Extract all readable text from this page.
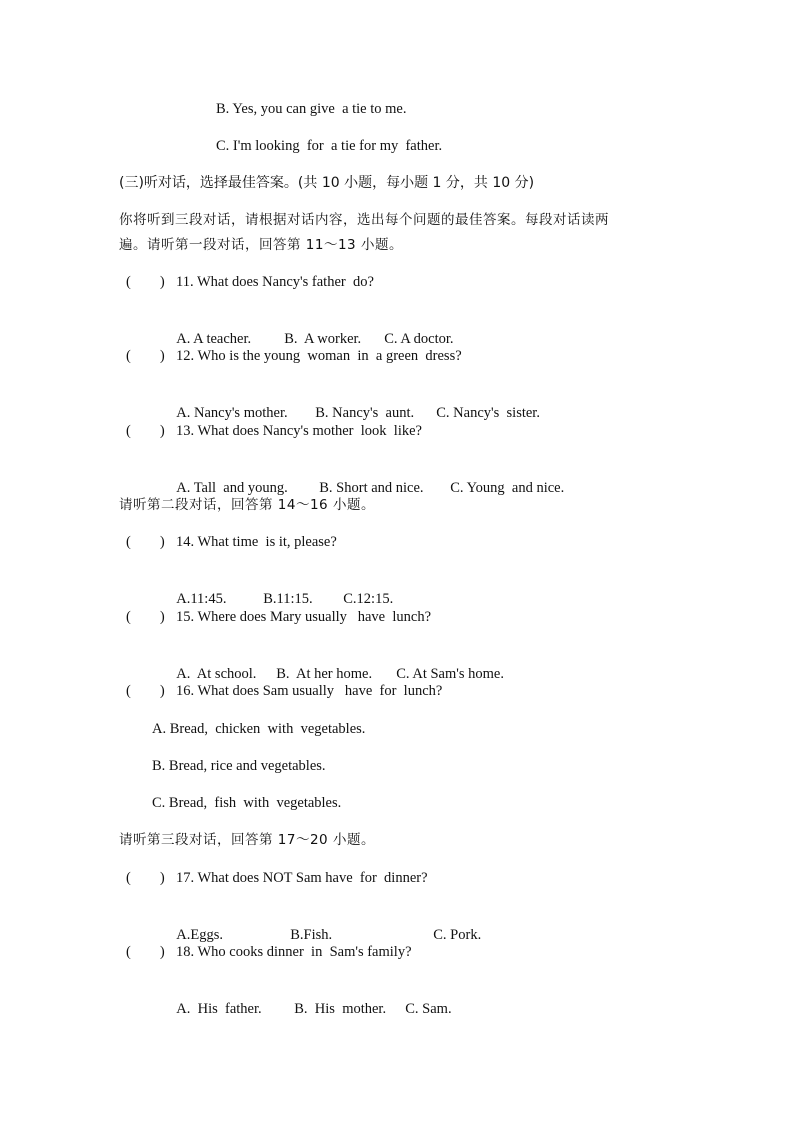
B. Yes, you can give  a tie to me.
C. I'm looking  for  a tie for my  father.
(三)听对话，选择最佳答案。(共 10 小题，每小题 1 分，共 10 分)
你将听到三段对话，请根据对话内容，选出每个问题的最佳答案。每段对话读两
遍。请听第一段对话，回答第 11～13 小题。
(        ) 11. What does Nancy's father  do?

A. A teacher. B.  A worker. C. A doctor.

(        ) 12. Who is the young  woman  in  a green  dress?

A. Nancy's mother. B. Nancy's  aunt. C. Nancy's  sister.

(        ) 13. What does Nancy's mother  look  like?

A. Tall  and young. B. Short and nice. C. Young  and nice.

请听第二段对话，回答第 14～16 小题。
(        ) 14. What time  is it, please?

A.11:45.	B.11:15. C.12:15.

(        ) 15. Where does Mary usually   have  lunch?

A.  At school. B.  At her home. C. At Sam's home.

(        ) 16. What does Sam usually   have  for  lunch?
A. Bread,  chicken  with  vegetables.
B. Bread, rice and vegetables.
C. Bread,  fish  with  vegetables.
请听第三段对话，回答第 17～20 小题。
(        ) 17. What does NOT Sam have  for  dinner?

A.Eggs.	B.Fish.	C. Pork.

(        ) 18. Who cooks dinner  in  Sam's family?

A.  His  father. B.  His  mother. C. Sam.
